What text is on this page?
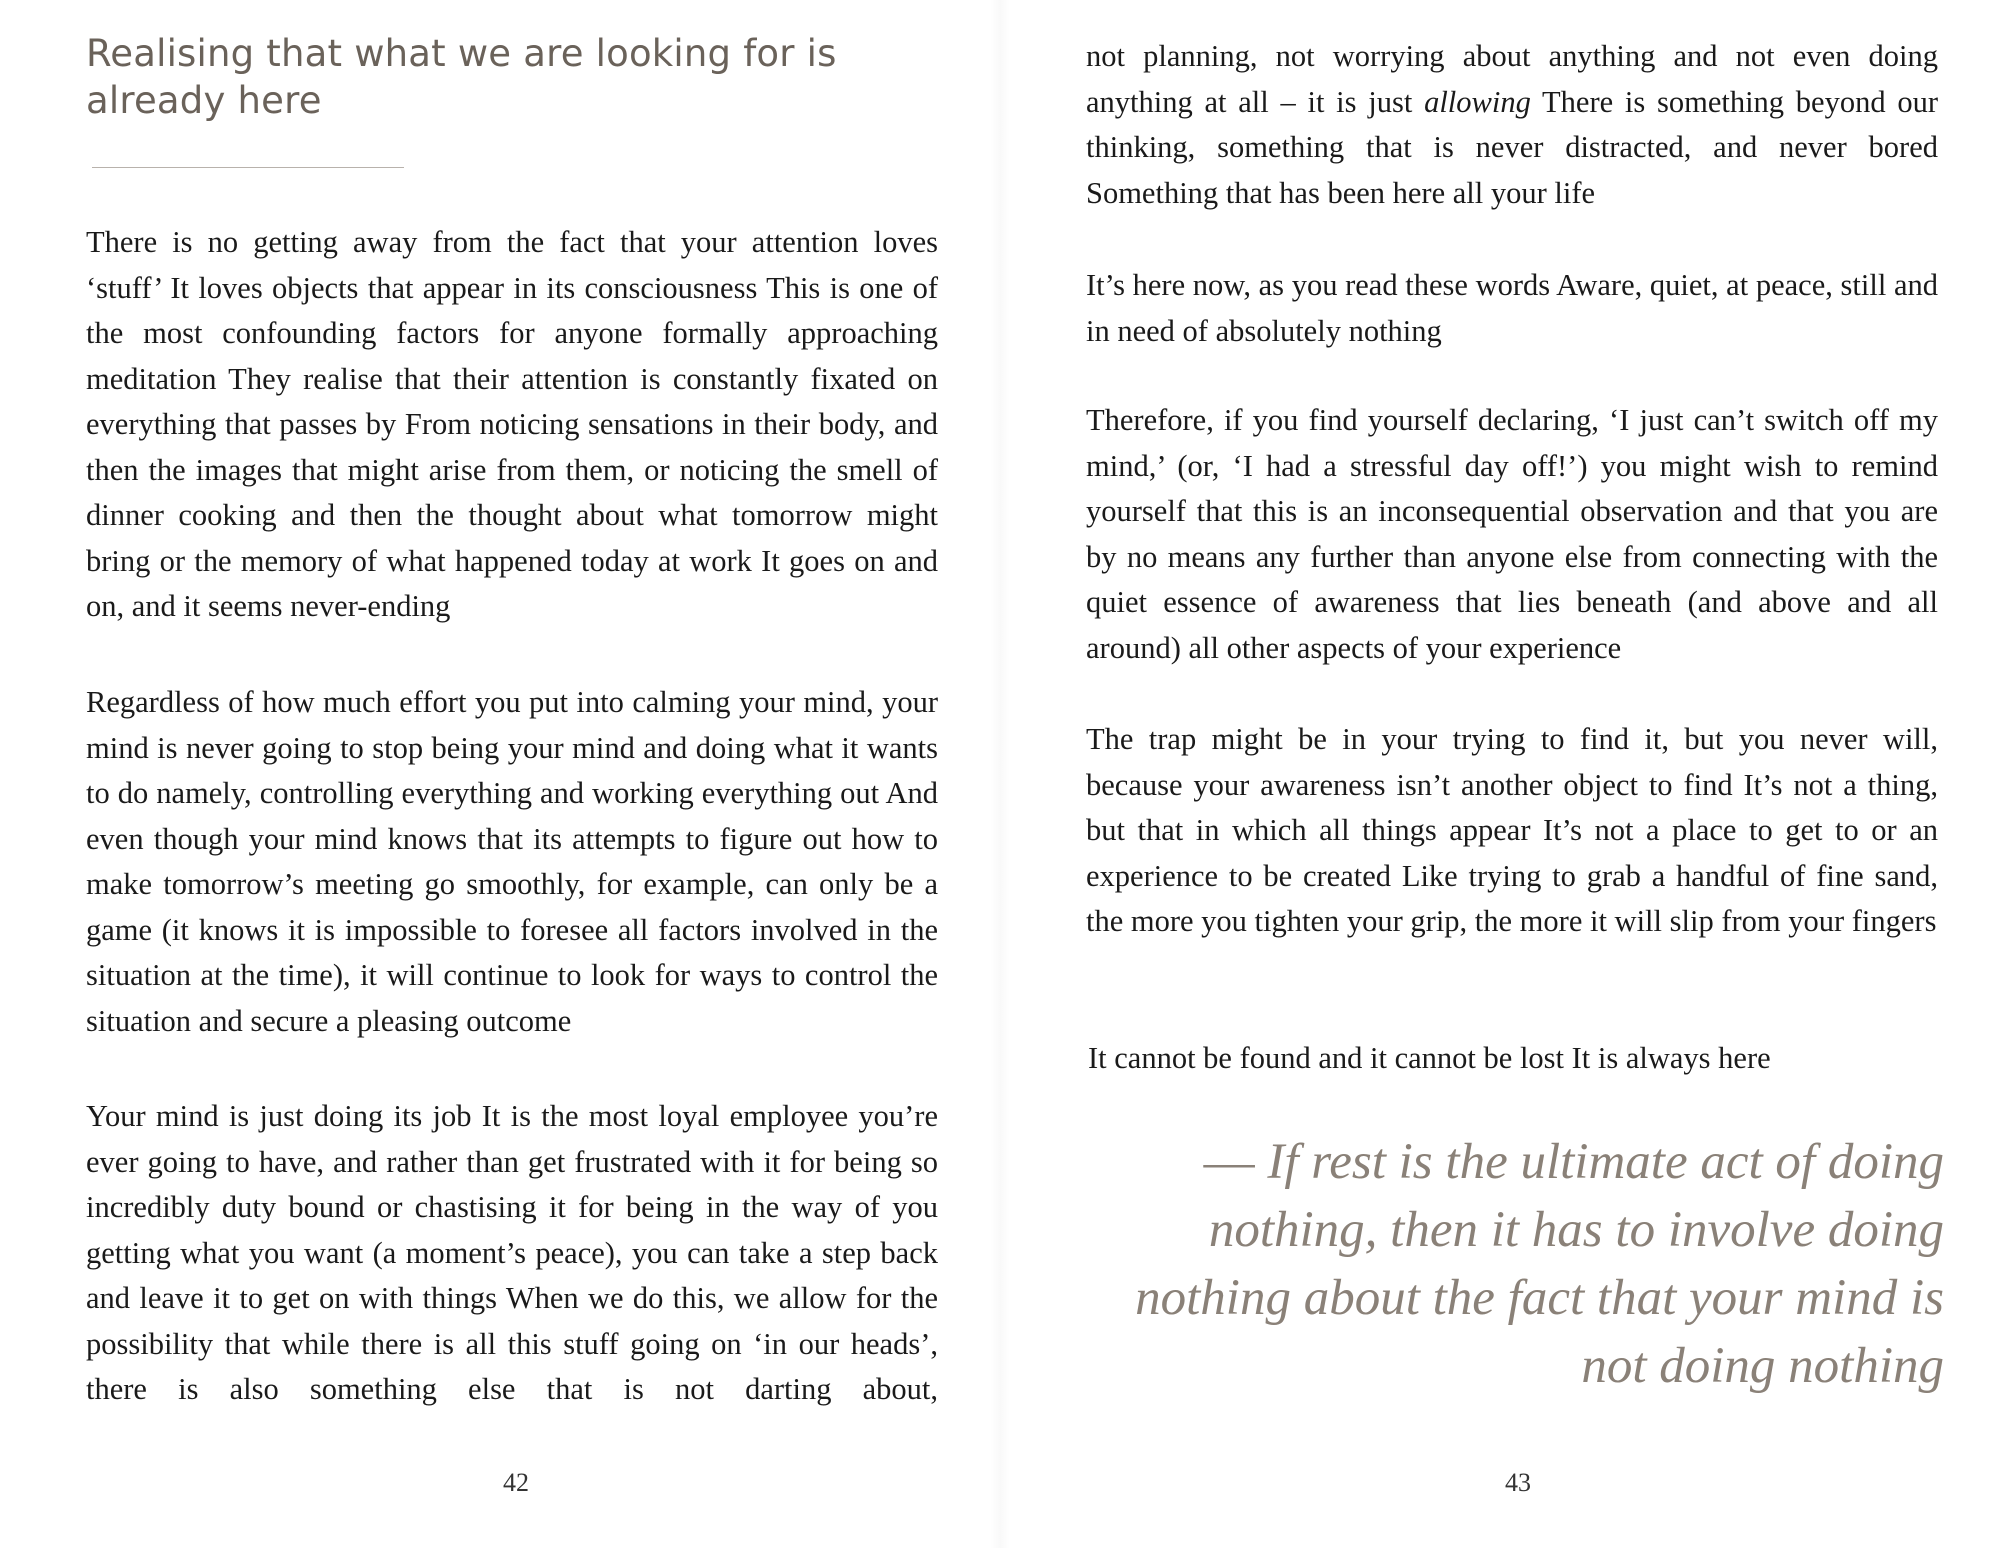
Realising that what we are looking for is already here

There is no getting away from the fact that your attention loves ‘stuff’ It loves objects that appear in its consciousness This is one of the most confounding factors for anyone formally approaching meditation They realise that their attention is constantly fixated on everything that passes by From noticing sensations in their body, and then the images that might arise from them, or noticing the smell of dinner cooking and then the thought about what tomorrow might bring or the memory of what happened today at work It goes on and on, and it seems never-ending

Regardless of how much effort you put into calming your mind, your mind is never going to stop being your mind and doing what it wants to do namely, controlling everything and working everything out And even though your mind knows that its attempts to figure out how to make tomorrow’s meeting go smoothly, for example, can only be a game (it knows it is impossible to foresee all factors involved in the situation at the time), it will continue to look for ways to control the situation and secure a pleasing outcome

Your mind is just doing its job It is the most loyal employee you’re ever going to have, and rather than get frustrated with it for being so incredibly duty bound or chastising it for being in the way of you getting what you want (a moment’s peace), you can take a step back and leave it to get on with things When we do this, we allow for the possibility that while there is all this stuff going on ‘in our heads’, there is also something else that is not darting about,

42

not planning, not worrying about anything and not even doing anything at all – it is just allowing There is something beyond our thinking, something that is never distracted, and never bored Something that has been here all your life

It’s here now, as you read these words Aware, quiet, at peace, still and in need of absolutely nothing

Therefore, if you find yourself declaring, ‘I just can’t switch off my mind,’ (or, ‘I had a stressful day off!’) you might wish to remind yourself that this is an inconsequential observation and that you are by no means any further than anyone else from connecting with the quiet essence of awareness that lies beneath (and above and all around) all other aspects of your experience

The trap might be in your trying to find it, but you never will, because your awareness isn’t another object to find It’s not a thing, but that in which all things appear It’s not a place to get to or an experience to be created Like trying to grab a handful of fine sand, the more you tighten your grip, the more it will slip from your fingers

It cannot be found and it cannot be lost It is always here

— If rest is the ultimate act of doing nothing, then it has to involve doing nothing about the fact that your mind is not doing nothing

43
